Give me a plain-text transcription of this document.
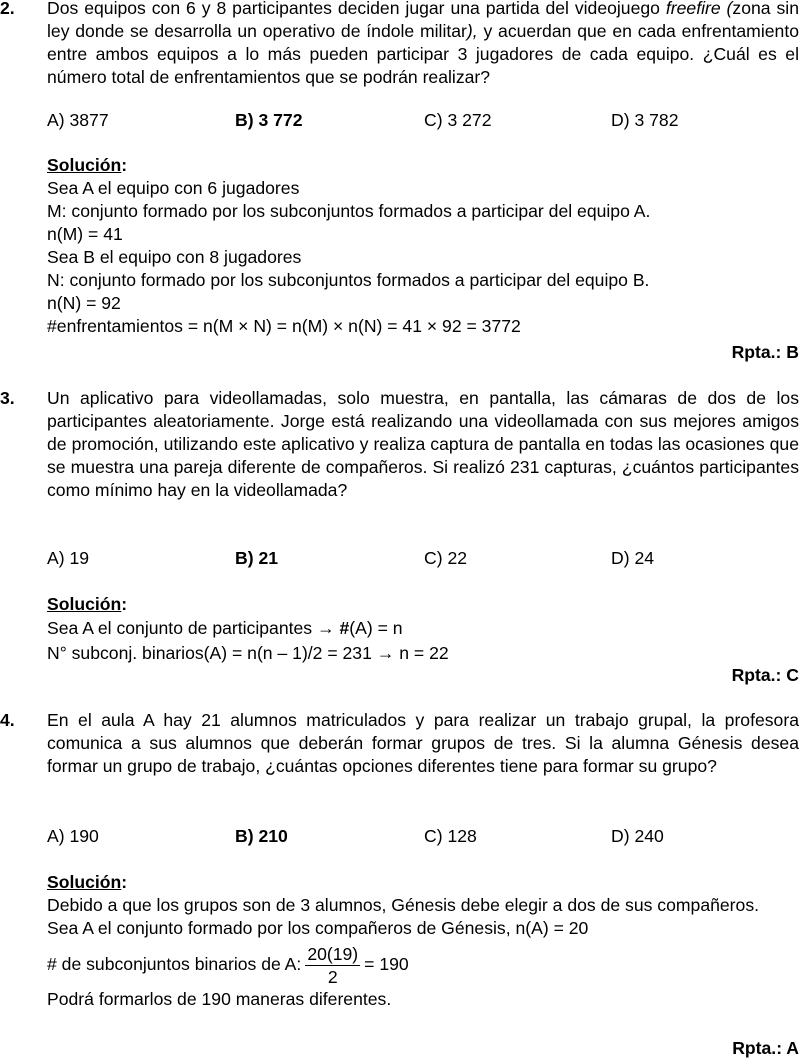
2. Dos equipos con 6 y 8 participantes deciden jugar una partida del videojuego freefire (zona sin ley donde se desarrolla un operativo de índole militar), y acuerdan que en cada enfrentamiento entre ambos equipos a lo más pueden participar 3 jugadores de cada equipo. ¿Cuál es el número total de enfrentamientos que se podrán realizar?
A) 3877	B) 3 772	C) 3 272	D) 3 782
Solución:
Sea A el equipo con 6 jugadores
M: conjunto formado por los subconjuntos formados a participar del equipo A.
n(M) = 41
Sea B el equipo con 8 jugadores
N: conjunto formado por los subconjuntos formados a participar del equipo B.
n(N) = 92
#enfrentamientos = n(M × N) = n(M) × n(N) = 41 × 92 = 3772
Rpta.: B
3. Un aplicativo para videollamadas, solo muestra, en pantalla, las cámaras de dos de los participantes aleatoriamente. Jorge está realizando una videollamada con sus mejores amigos de promoción, utilizando este aplicativo y realiza captura de pantalla en todas las ocasiones que se muestra una pareja diferente de compañeros. Si realizó 231 capturas, ¿cuántos participantes como mínimo hay en la videollamada?
A) 19	B) 21	C) 22	D) 24
Solución:
Sea A el conjunto de participantes → #(A) = n
N° subconj. binarios(A) = n(n – 1)/2 = 231 → n = 22
Rpta.: C
4. En el aula A hay 21 alumnos matriculados y para realizar un trabajo grupal, la profesora comunica a sus alumnos que deberán formar grupos de tres. Si la alumna Génesis desea formar un grupo de trabajo, ¿cuántas opciones diferentes tiene para formar su grupo?
A) 190	B) 210	C) 128	D) 240
Solución:
Debido a que los grupos son de 3 alumnos, Génesis debe elegir a dos de sus compañeros.
Sea A el conjunto formado por los compañeros de Génesis, n(A) = 20
# de subconjuntos binarios de A: $\frac{20(19)}{2} = 190$
Podrá formarlos de 190 maneras diferentes.
Rpta.: A
